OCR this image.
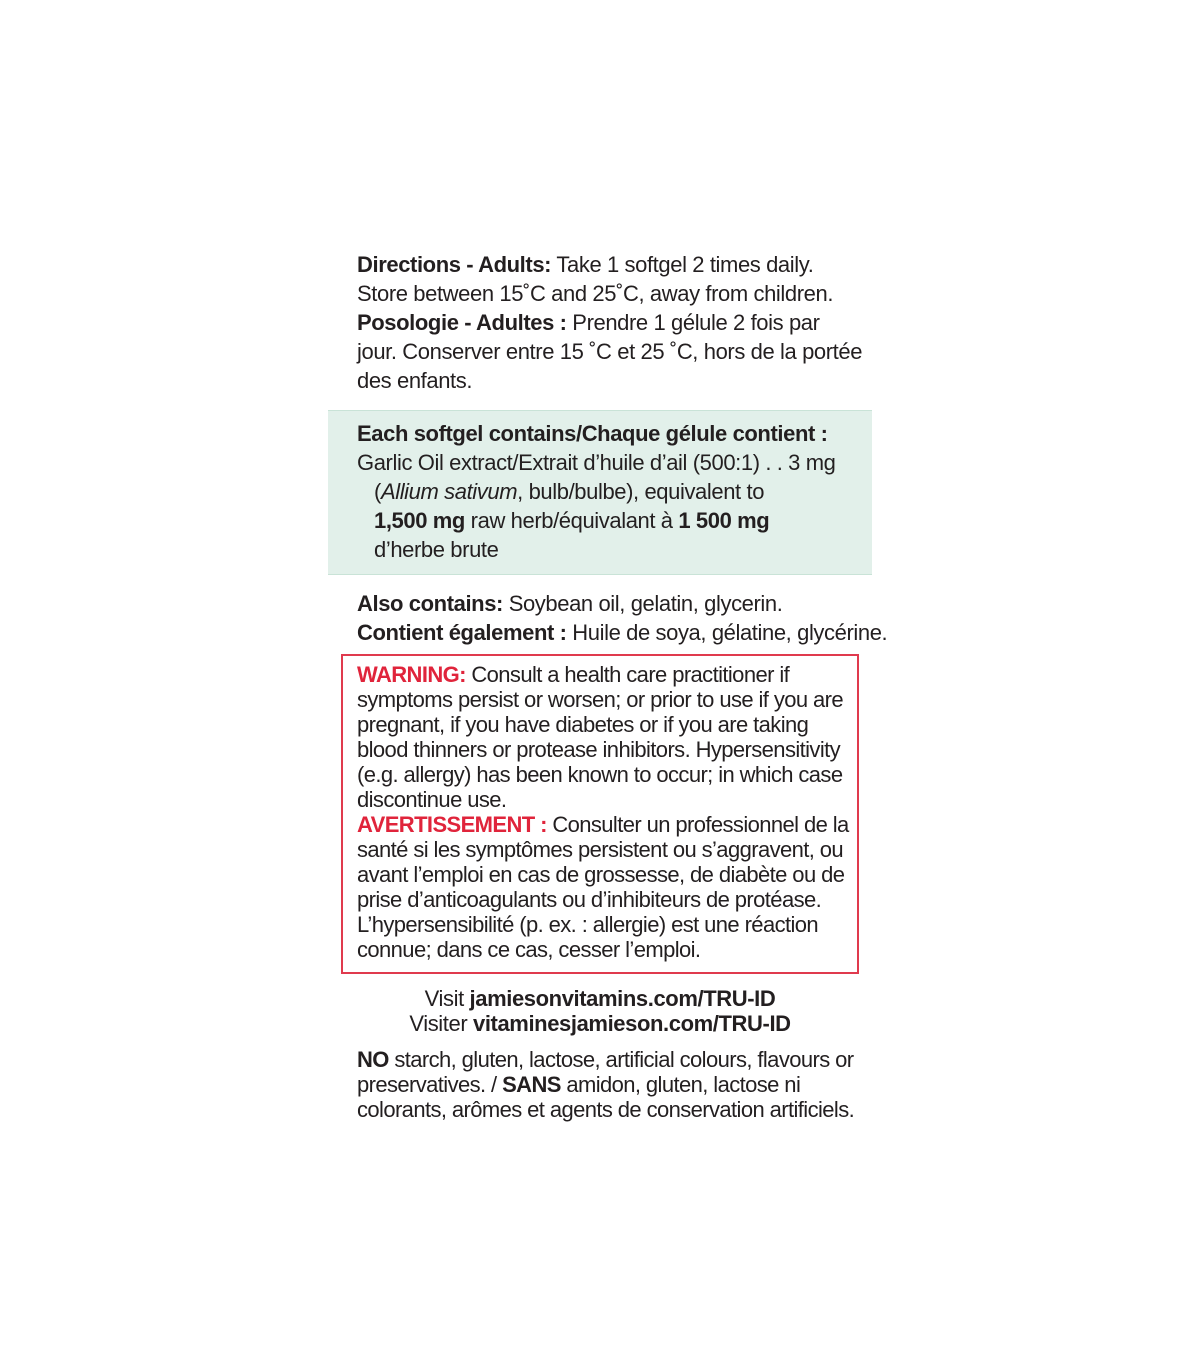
Directions - Adults: Take 1 softgel 2 times daily.
Store between 15˚C and 25˚C, away from children.
Posologie - Adultes : Prendre 1 gélule 2 fois par
jour. Conserver entre 15 ˚C et 25 ˚C, hors de la portée
des enfants.
Each softgel contains/Chaque gélule contient :
Garlic Oil extract/Extrait d’huile d’ail (500:1) . . 3 mg
(Allium sativum, bulb/bulbe), equivalent to
1,500 mg raw herb/équivalant à 1 500 mg
d’herbe brute
Also contains: Soybean oil, gelatin, glycerin.
Contient également : Huile de soya, gélatine, glycérine.
WARNING: Consult a health care practitioner if
symptoms persist or worsen; or prior to use if you are
pregnant, if you have diabetes or if you are taking
blood thinners or protease inhibitors. Hypersensitivity
(e.g. allergy) has been known to occur; in which case
discontinue use.
AVERTISSEMENT : Consulter un professionnel de la
santé si les symptômes persistent ou s’aggravent, ou
avant l’emploi en cas de grossesse, de diabète ou de
prise d’anticoagulants ou d’inhibiteurs de protéase.
L’hypersensibilité (p. ex. : allergie) est une réaction
connue; dans ce cas, cesser l’emploi.
Visit jamiesonvitamins.com/TRU-ID
Visiter vitaminesjamieson.com/TRU-ID
NO starch, gluten, lactose, artificial colours, flavours or
preservatives. / SANS amidon, gluten, lactose ni
colorants, arômes et agents de conservation artificiels.
